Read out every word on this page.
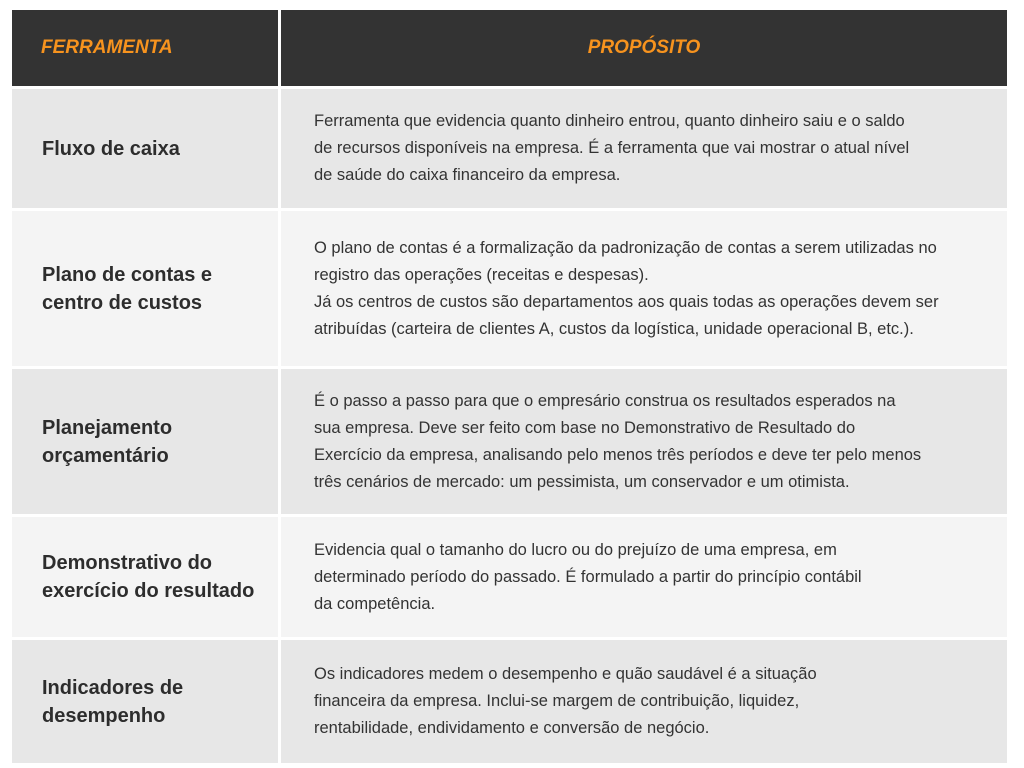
FERRAMENTA	PROPÓSITO
Fluxo de caixa
Ferramenta que evidencia quanto dinheiro entrou, quanto dinheiro saiu e o saldo
de recursos disponíveis na empresa. É a ferramenta que vai mostrar o atual nível
de saúde do caixa financeiro da empresa.
Plano de contas e
centro de custos
O plano de contas é a formalização da padronização de contas a serem utilizadas no
registro das operações (receitas e despesas).
Já os centros de custos são departamentos aos quais todas as operações devem ser
atribuídas (carteira de clientes A, custos da logística, unidade operacional B, etc.).
Planejamento
orçamentário
É o passo a passo para que o empresário construa os resultados esperados na
sua empresa. Deve ser feito com base no Demonstrativo de Resultado do
Exercício da empresa, analisando pelo menos três períodos e deve ter pelo menos
três cenários de mercado: um pessimista, um conservador e um otimista.
Demonstrativo do
exercício do resultado
Evidencia qual o tamanho do lucro ou do prejuízo de uma empresa, em
determinado período do passado. É formulado a partir do princípio contábil
da competência.
Indicadores de
desempenho
Os indicadores medem o desempenho e quão saudável é a situação
financeira da empresa. Inclui-se margem de contribuição, liquidez,
rentabilidade, endividamento e conversão de negócio.
